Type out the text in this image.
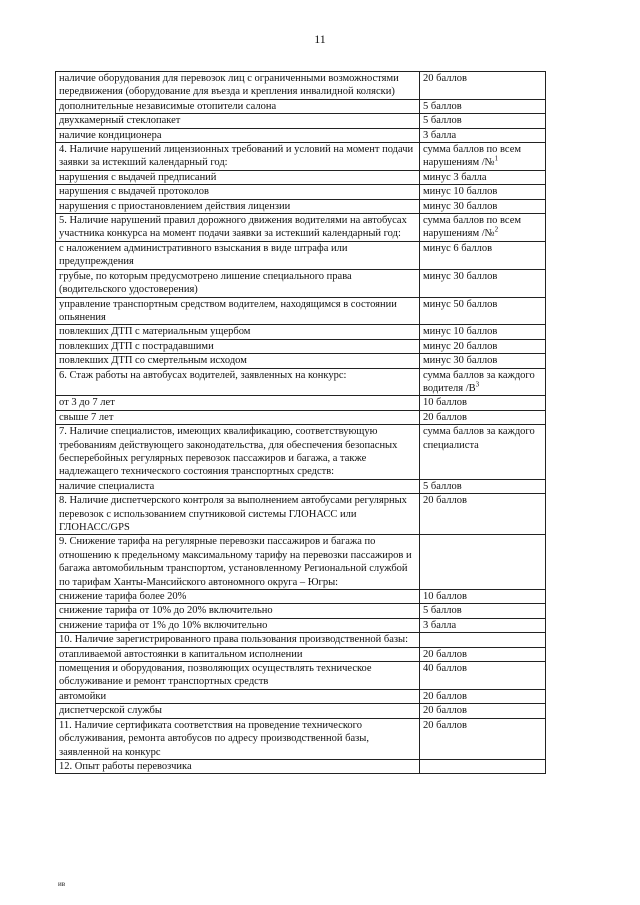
11
наличие оборудования для перевозок лиц с ограниченными возможностями передвижения (оборудование для въезда и крепления инвалидной коляски)	20 баллов
дополнительные независимые отопители салона	5 баллов
двухкамерный стеклопакет	5 баллов
наличие кондиционера	3 балла
4. Наличие нарушений лицензионных требований и условий на момент подачи заявки за истекший календарный год:	сумма баллов по всем нарушениям /№$^1$
нарушения с выдачей предписаний	минус 3 балла
нарушения с выдачей протоколов	минус 10 баллов
нарушения с приостановлением действия лицензии	минус 30 баллов
5. Наличие нарушений правил дорожного движения водителями на автобусах участника конкурса на момент подачи заявки за истекший календарный год:	сумма баллов по всем нарушениям /№$^2$
с наложением административного взыскания в виде штрафа или предупреждения	минус 6 баллов
грубые, по которым предусмотрено лишение специального права (водительского удостоверения)	минус 30 баллов
управление транспортным средством водителем, находящимся в состоянии опьянения	минус 50 баллов
повлекших ДТП с материальным ущербом	минус 10 баллов
повлекших ДТП с пострадавшими	минус 20 баллов
повлекших ДТП со смертельным исходом	минус 30 баллов
6. Стаж работы на автобусах водителей, заявленных на конкурс:	сумма баллов за каждого водителя $/В^3$
от 3 до 7 лет	10 баллов
свыше 7 лет	20 баллов
7. Наличие специалистов, имеющих квалификацию, соответствующую требованиям действующего законодательства, для обеспечения безопасных бесперебойных регулярных перевозок пассажиров и багажа, а также надлежащего технического состояния транспортных средств:	сумма баллов за каждого специалиста
наличие специалиста	5 баллов
8. Наличие диспетчерского контроля за выполнением автобусами регулярных перевозок с использованием спутниковой системы ГЛОНАСС или ГЛОНАСС/GPS	20 баллов
9. Снижение тарифа на регулярные перевозки пассажиров и багажа по отношению к предельному максимальному тарифу на перевозки пассажиров и багажа автомобильным транспортом, установленному Региональной службой по тарифам Ханты-Мансийского автономного округа – Югры:	
снижение тарифа более 20%	10 баллов
снижение тарифа от 10% до 20% включительно	5 баллов
снижение тарифа от 1% до 10% включительно	3 балла
10. Наличие зарегистрированного права пользования производственной базы:	
отапливаемой автостоянки в капитальном исполнении	20 баллов
помещения и оборудования, позволяющих осуществлять техническое обслуживание и ремонт транспортных средств	40 баллов
автомойки	20 баллов
диспетчерской службы	20 баллов
11. Наличие сертификата соответствия на проведение технического обслуживания, ремонта автобусов по адресу производственной базы, заявленной на конкурс	20 баллов
12. Опыт работы перевозчика	
ив
